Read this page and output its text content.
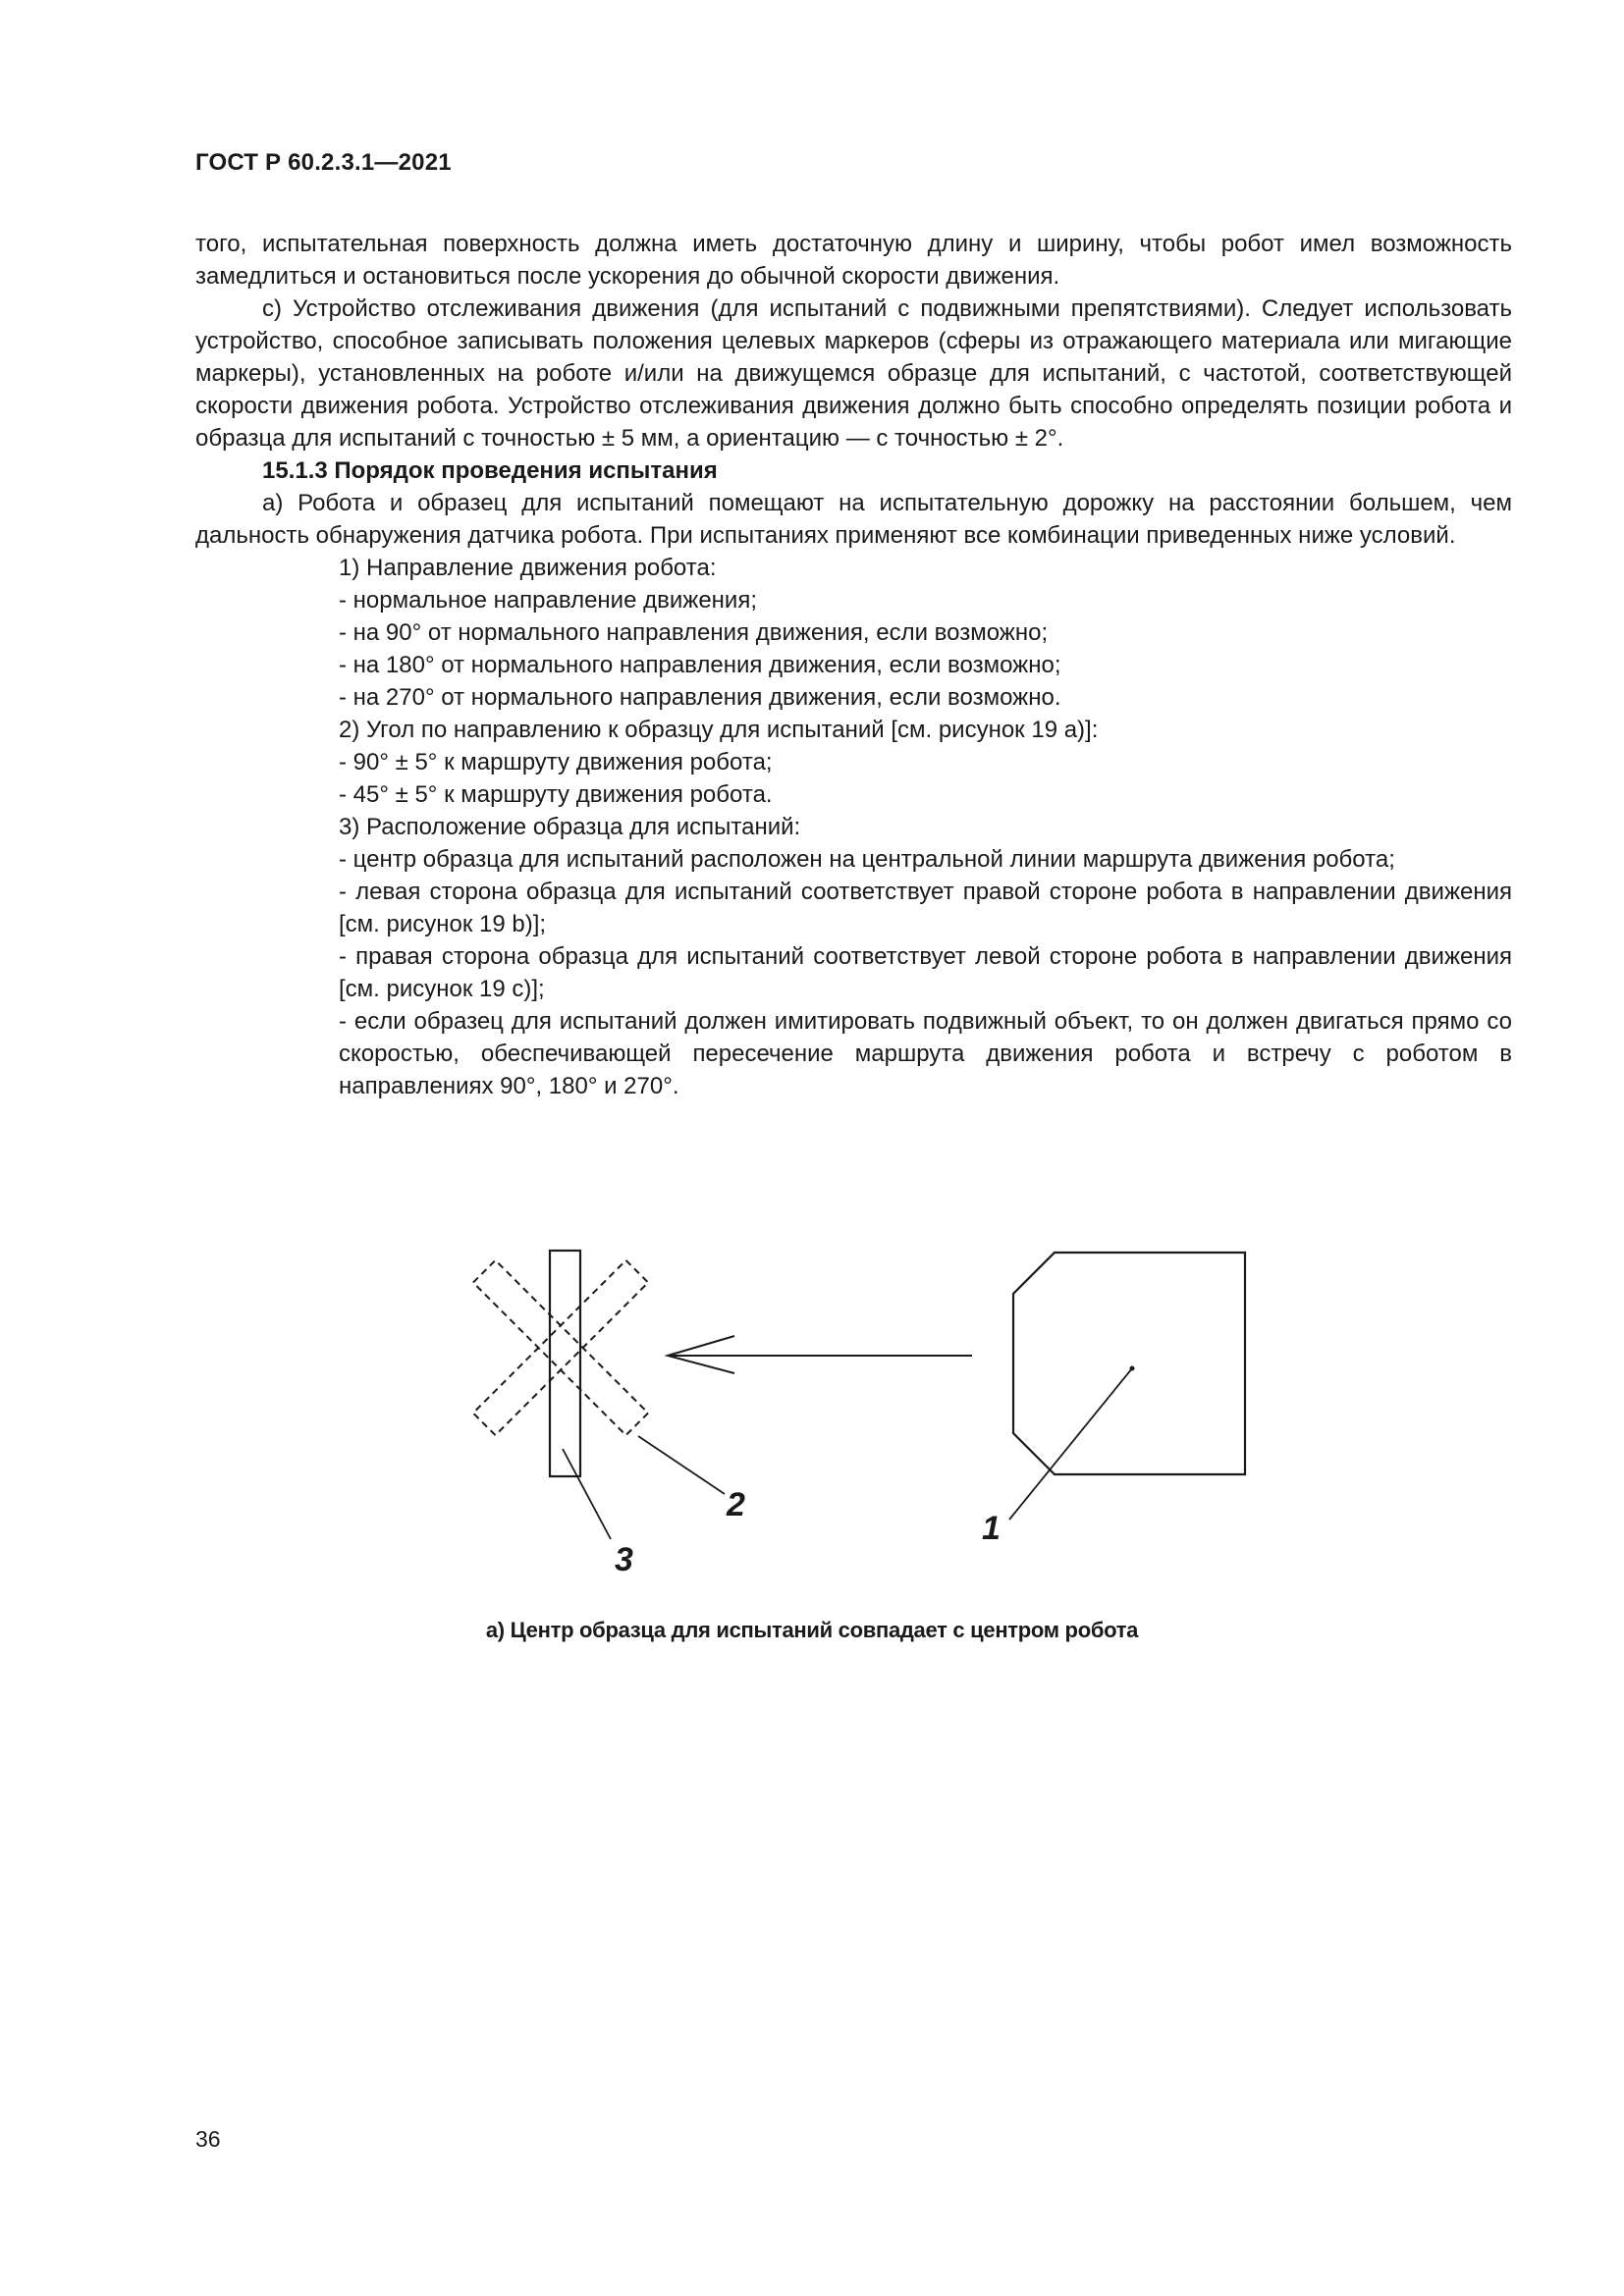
ГОСТ Р 60.2.3.1—2021

того, испытательная поверхность должна иметь достаточную длину и ширину, чтобы робот имел возможность замедлиться и остановиться после ускорения до обычной скорости движения.

c) Устройство отслеживания движения (для испытаний с подвижными препятствиями). Следует использовать устройство, способное записывать положения целевых маркеров (сферы из отражающего материала или мигающие маркеры), установленных на роботе и/или на движущемся образце для испытаний, с частотой, соответствующей скорости движения робота. Устройство отслеживания движения должно быть способно определять позиции робота и образца для испытаний с точностью ± 5 мм, а ориентацию — с точностью ± 2°.

15.1.3 Порядок проведения испытания

a) Робота и образец для испытаний помещают на испытательную дорожку на расстоянии большем, чем дальность обнаружения датчика робота. При испытаниях применяют все комбинации приведенных ниже условий.

1) Направление движения робота:
- нормальное направление движения;
- на 90° от нормального направления движения, если возможно;
- на 180° от нормального направления движения, если возможно;
- на 270° от нормального направления движения, если возможно.
2) Угол по направлению к образцу для испытаний [см. рисунок 19 a)]:
- 90° ± 5° к маршруту движения робота;
- 45° ± 5° к маршруту движения робота.
3) Расположение образца для испытаний:
- центр образца для испытаний расположен на центральной линии маршрута движения робота;
- левая сторона образца для испытаний соответствует правой стороне робота в направлении движения [см. рисунок 19 b)];
- правая сторона образца для испытаний соответствует левой стороне робота в направлении движения [см. рисунок 19 c)];
- если образец для испытаний должен имитировать подвижный объект, то он должен двигаться прямо со скоростью, обеспечивающей пересечение маршрута движения робота и встречу с роботом в направлениях 90°, 180° и 270°.
1
2
3
a) Центр образца для испытаний совпадает с центром робота
36
